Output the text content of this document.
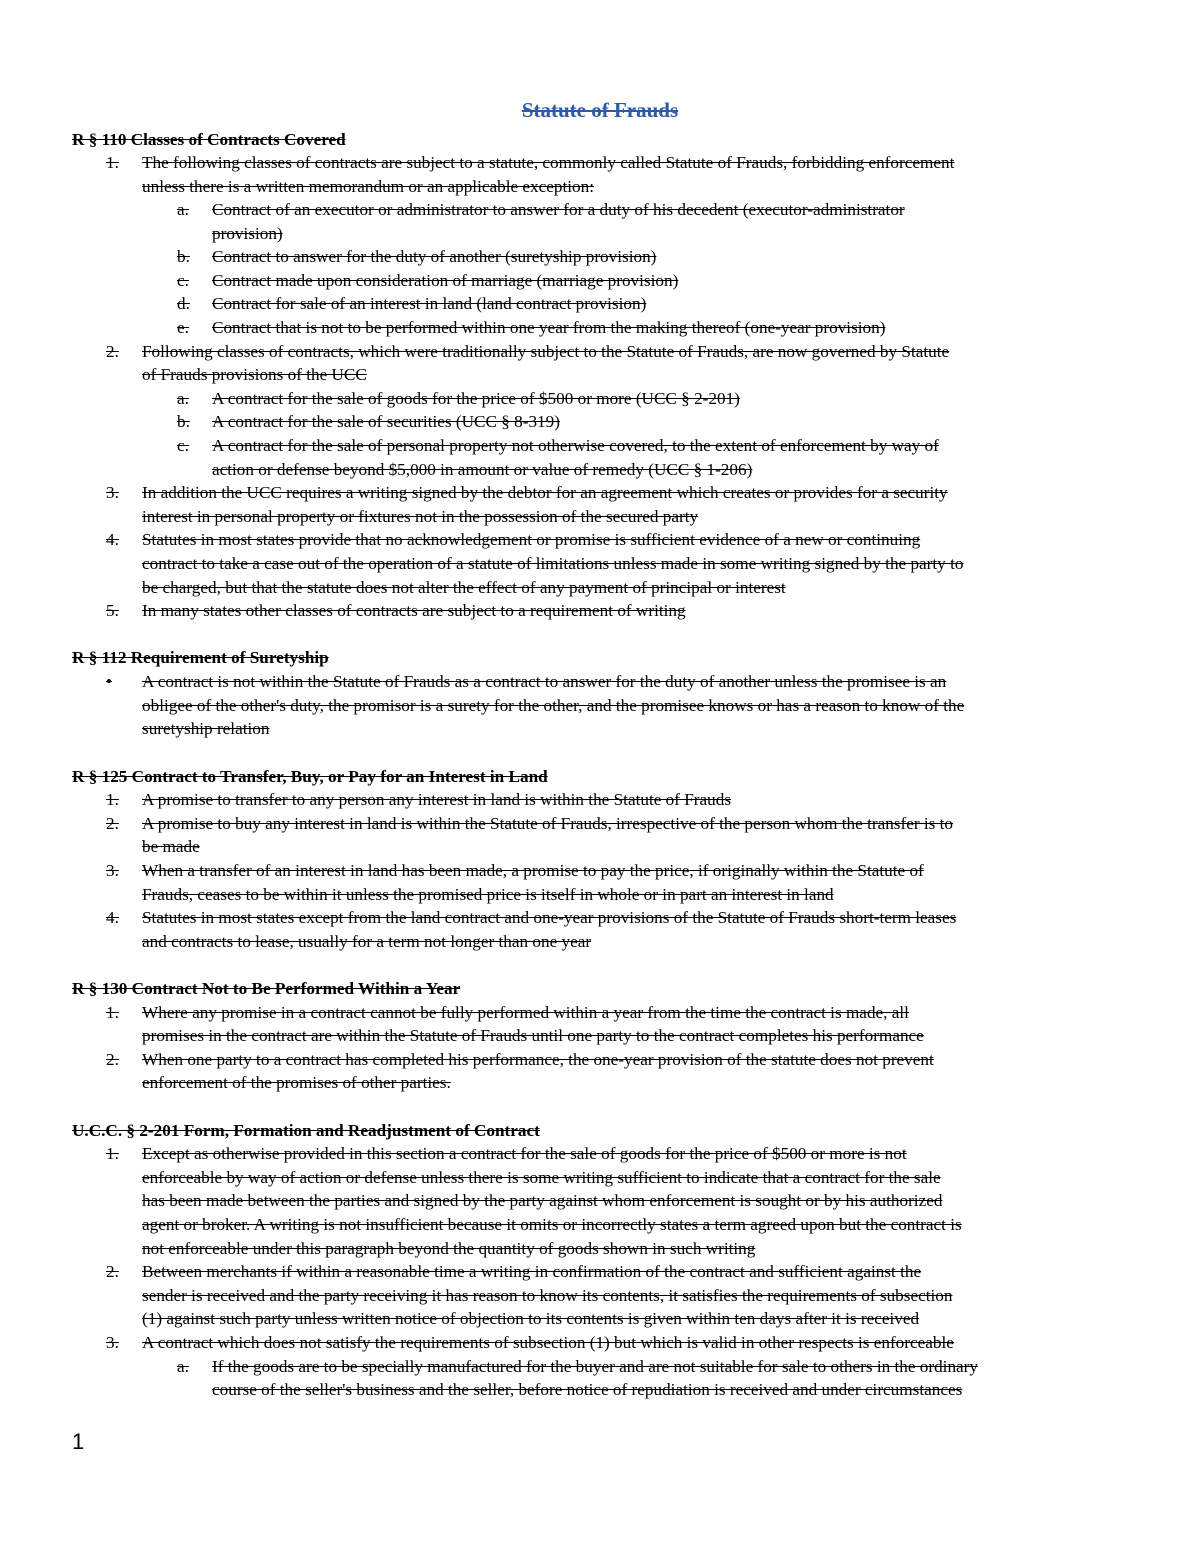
Statute of Frauds
R § 110 Classes of Contracts Covered
1. The following classes of contracts are subject to a statute, commonly called Statute of Frauds, forbidding enforcement
unless there is a written memorandum or an applicable exception:
a. Contract of an executor or administrator to answer for a duty of his decedent (executor-administrator
provision)
b. Contract to answer for the duty of another (suretyship provision)
c. Contract made upon consideration of marriage (marriage provision)
d. Contract for sale of an interest in land (land contract provision)
e. Contract that is not to be performed within one year from the making thereof (one-year provision)
2. Following classes of contracts, which were traditionally subject to the Statute of Frauds, are now governed by Statute
of Frauds provisions of the UCC
a. A contract for the sale of goods for the price of $500 or more (UCC § 2-201)
b. A contract for the sale of securities (UCC § 8-319)
c. A contract for the sale of personal property not otherwise covered, to the extent of enforcement by way of
action or defense beyond $5,000 in amount or value of remedy (UCC § 1-206)
3. In addition the UCC requires a writing signed by the debtor for an agreement which creates or provides for a security
interest in personal property or fixtures not in the possession of the secured party
4. Statutes in most states provide that no acknowledgement or promise is sufficient evidence of a new or continuing
contract to take a case out of the operation of a statute of limitations unless made in some writing signed by the party to
be charged, but that the statute does not alter the effect of any payment of principal or interest
5. In many states other classes of contracts are subject to a requirement of writing
R § 112 Requirement of Suretyship
• A contract is not within the Statute of Frauds as a contract to answer for the duty of another unless the promisee is an
obligee of the other's duty, the promisor is a surety for the other, and the promisee knows or has a reason to know of the
suretyship relation
R § 125 Contract to Transfer, Buy, or Pay for an Interest in Land
1. A promise to transfer to any person any interest in land is within the Statute of Frauds
2. A promise to buy any interest in land is within the Statute of Frauds, irrespective of the person whom the transfer is to
be made
3. When a transfer of an interest in land has been made, a promise to pay the price, if originally within the Statute of
Frauds, ceases to be within it unless the promised price is itself in whole or in part an interest in land
4. Statutes in most states except from the land contract and one-year provisions of the Statute of Frauds short-term leases
and contracts to lease, usually for a term not longer than one year
R § 130 Contract Not to Be Performed Within a Year
1. Where any promise in a contract cannot be fully performed within a year from the time the contract is made, all
promises in the contract are within the Statute of Frauds until one party to the contract completes his performance
2. When one party to a contract has completed his performance, the one-year provision of the statute does not prevent
enforcement of the promises of other parties.
U.C.C. § 2-201 Form, Formation and Readjustment of Contract
1. Except as otherwise provided in this section a contract for the sale of goods for the price of $500 or more is not
enforceable by way of action or defense unless there is some writing sufficient to indicate that a contract for the sale
has been made between the parties and signed by the party against whom enforcement is sought or by his authorized
agent or broker. A writing is not insufficient because it omits or incorrectly states a term agreed upon but the contract is
not enforceable under this paragraph beyond the quantity of goods shown in such writing
2. Between merchants if within a reasonable time a writing in confirmation of the contract and sufficient against the
sender is received and the party receiving it has reason to know its contents, it satisfies the requirements of subsection
(1) against such party unless written notice of objection to its contents is given within ten days after it is received
3. A contract which does not satisfy the requirements of subsection (1) but which is valid in other respects is enforceable
a. If the goods are to be specially manufactured for the buyer and are not suitable for sale to others in the ordinary
course of the seller's business and the seller, before notice of repudiation is received and under circumstances
1
